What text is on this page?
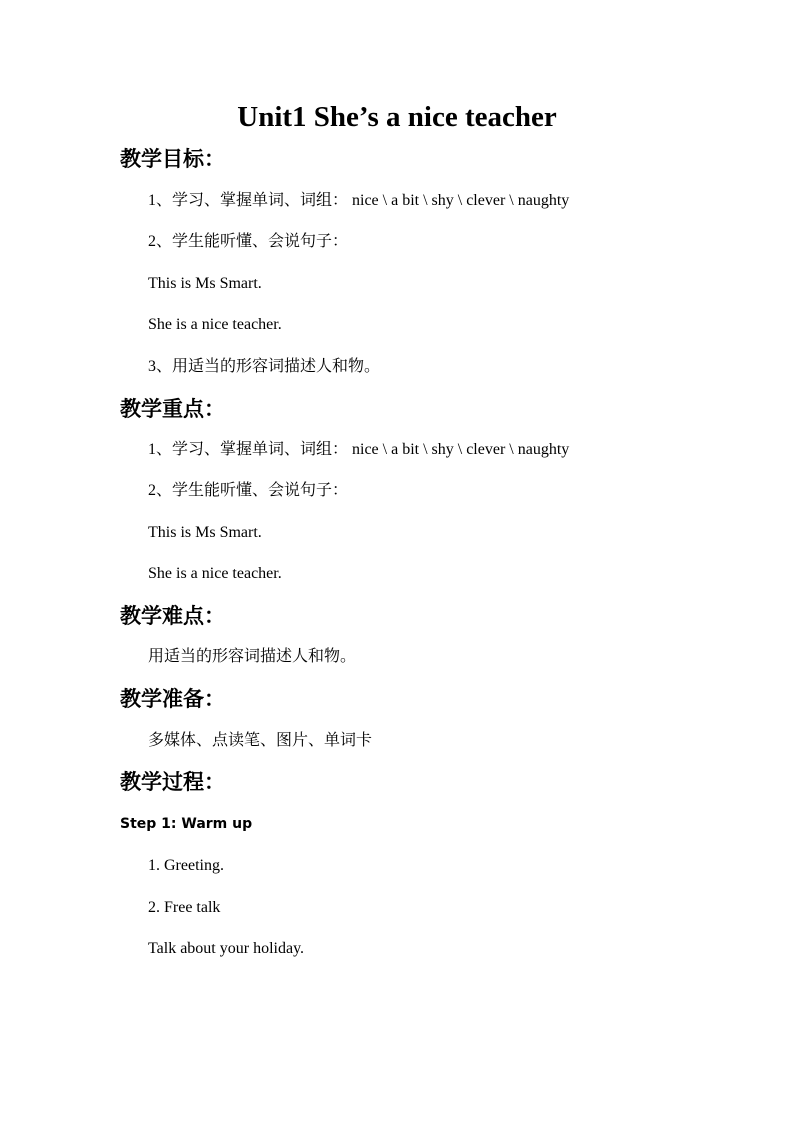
Unit1 She’s a nice teacher
教学目标：
1、学习、掌握单词、词组： nice \ a bit \ shy \ clever \ naughty
2、学生能听懂、会说句子：
This is Ms Smart.
She is a nice teacher.
3、用适当的形容词描述人和物。
教学重点：
1、学习、掌握单词、词组： nice \ a bit \ shy \ clever \ naughty
2、学生能听懂、会说句子：
This is Ms Smart.
She is a nice teacher.
教学难点：
用适当的形容词描述人和物。
教学准备：
多媒体、点读笔、图片、单词卡
教学过程：
Step 1: Warm up
1. Greeting.
2. Free talk
Talk about your holiday.
